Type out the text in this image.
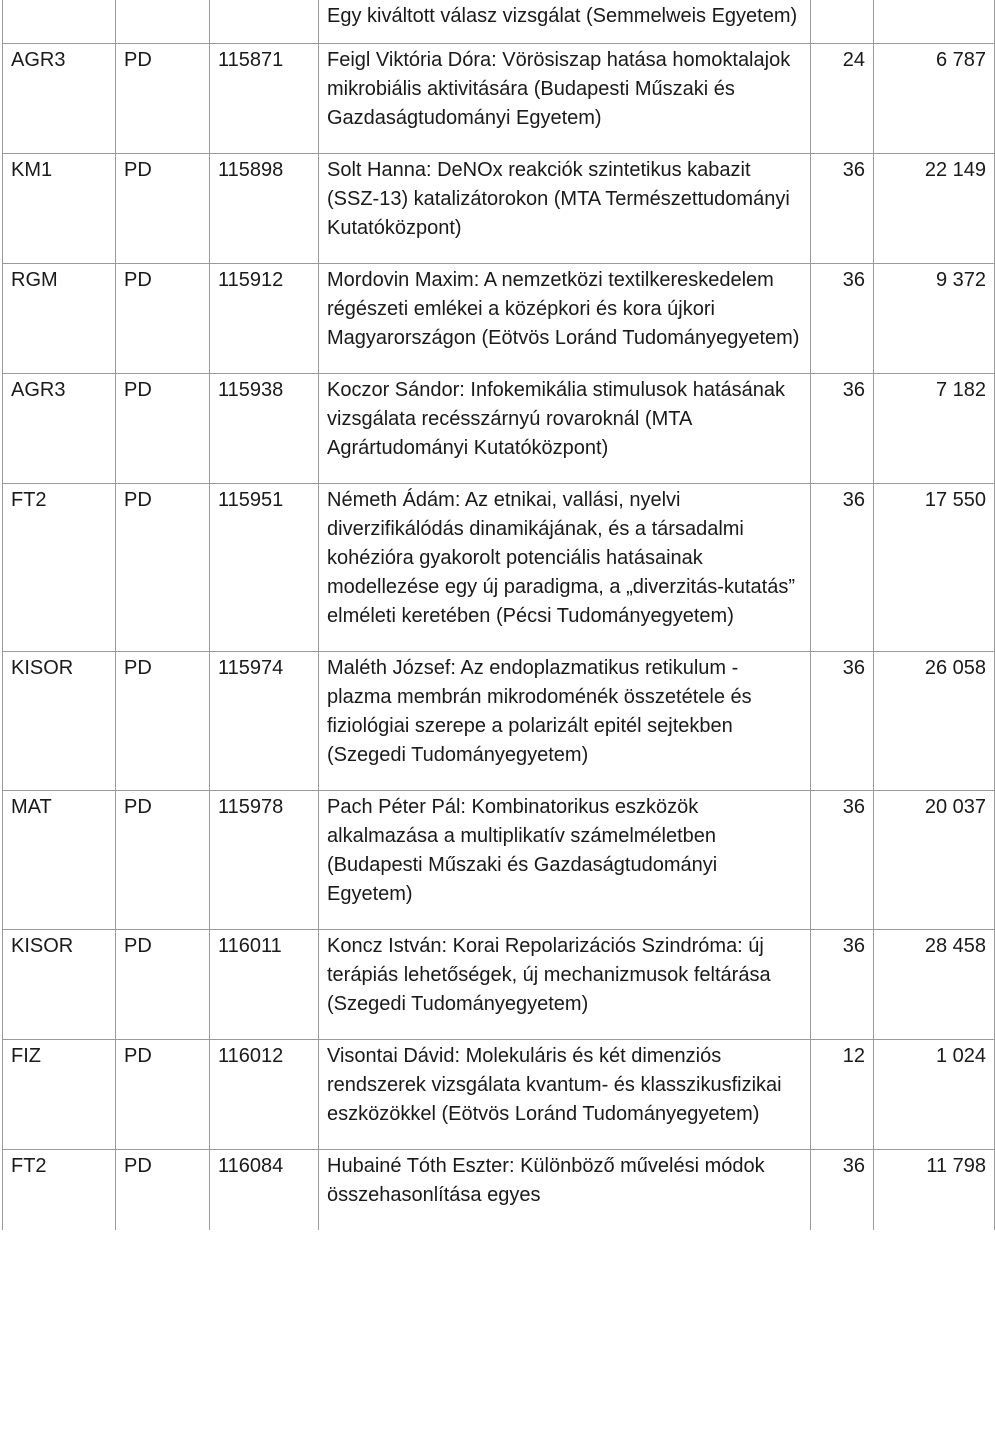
			Egy kiváltott válasz vizsgálat (Semmelweis Egyetem)		
AGR3	PD	115871	Feigl Viktória Dóra: Vörösiszap hatása homoktalajok mikrobiális aktivitására (Budapesti Műszaki és Gazdaságtudományi Egyetem)	24	6 787
KM1	PD	115898	Solt Hanna: DeNOx reakciók szintetikus kabazit (SSZ-13) katalizátorokon (MTA Természettudományi Kutatóközpont)	36	22 149
RGM	PD	115912	Mordovin Maxim: A nemzetközi textilkereskedelem régészeti emlékei a középkori és kora újkori Magyarországon (Eötvös Loránd Tudományegyetem)	36	9 372
AGR3	PD	115938	Koczor Sándor: Infokemikália stimulusok hatásának vizsgálata recésszárnyú rovaroknál (MTA Agrártudományi Kutatóközpont)	36	7 182
FT2	PD	115951	Németh Ádám: Az etnikai, vallási, nyelvi diverzifikálódás dinamikájának, és a társadalmi kohézióra gyakorolt potenciális hatásainak modellezése egy új paradigma, a „diverzitás-kutatás” elméleti keretében (Pécsi Tudományegyetem)	36	17 550
KISOR	PD	115974	Maléth József: Az endoplazmatikus retikulum - plazma membrán mikrodoménék összetétele és fiziológiai szerepe a polarizált epitél sejtekben (Szegedi Tudományegyetem)	36	26 058
MAT	PD	115978	Pach Péter Pál: Kombinatorikus eszközök alkalmazása a multiplikatív számelméletben (Budapesti Műszaki és Gazdaságtudományi Egyetem)	36	20 037
KISOR	PD	116011	Koncz István: Korai Repolarizációs Szindróma: új terápiás lehetőségek, új mechanizmusok feltárása (Szegedi Tudományegyetem)	36	28 458
FIZ	PD	116012	Visontai Dávid: Molekuláris és két dimenziós rendszerek vizsgálata kvantum- és klasszikusfizikai eszközökkel (Eötvös Loránd Tudományegyetem)	12	1 024
FT2	PD	116084	Hubainé Tóth Eszter: Különböző művelési módok összehasonlítása egyes	36	11 798
